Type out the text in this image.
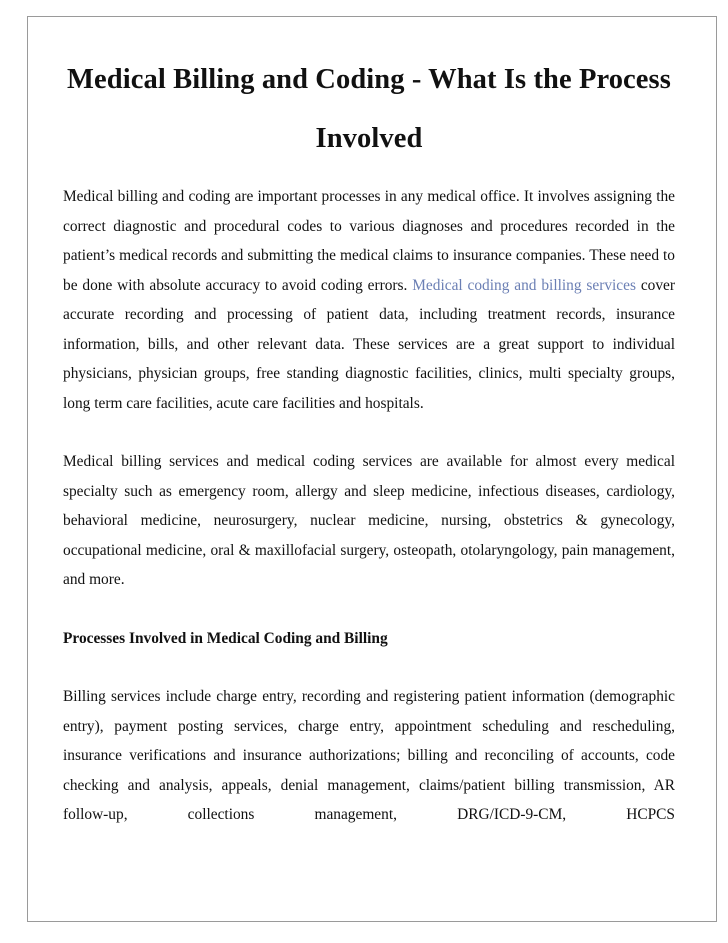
Medical Billing and Coding - What Is the Process Involved

Medical billing and coding are important processes in any medical office. It involves assigning the correct diagnostic and procedural codes to various diagnoses and procedures recorded in the patient’s medical records and submitting the medical claims to insurance companies. These need to be done with absolute accuracy to avoid coding errors. Medical coding and billing services cover accurate recording and processing of patient data, including treatment records, insurance information, bills, and other relevant data. These services are a great support to individual physicians, physician groups, free standing diagnostic facilities, clinics, multi specialty groups, long term care facilities, acute care facilities and hospitals.

Medical billing services and medical coding services are available for almost every medical specialty such as emergency room, allergy and sleep medicine, infectious diseases, cardiology, behavioral medicine, neurosurgery, nuclear medicine, nursing, obstetrics & gynecology, occupational medicine, oral & maxillofacial surgery, osteopath, otolaryngology, pain management, and more.

Processes Involved in Medical Coding and Billing

Billing services include charge entry, recording and registering patient information (demographic entry), payment posting services, charge entry, appointment scheduling and rescheduling, insurance verifications and insurance authorizations; billing and reconciling of accounts, code checking and analysis, appeals, denial management, claims/patient billing transmission, AR follow-up, collections management, DRG/ICD-9-CM, HCPCS
